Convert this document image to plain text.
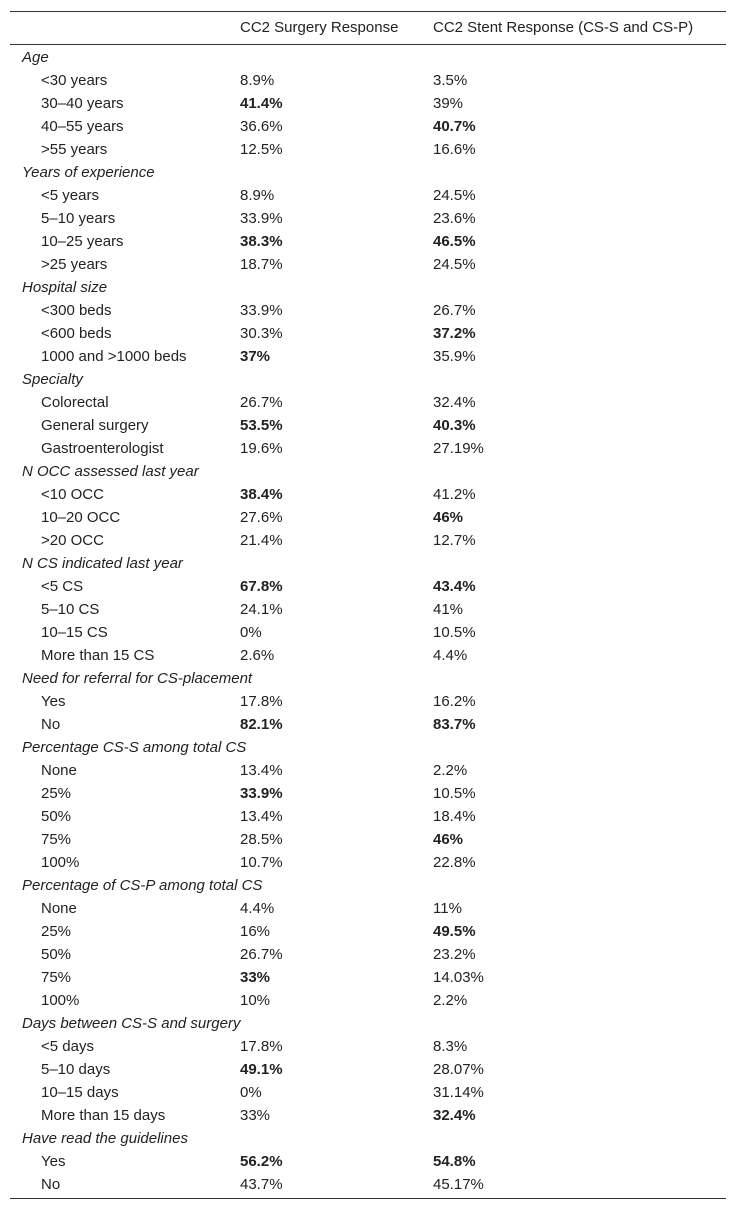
CC2 Surgery Response CC2 Stent Response (CS-S and CS-P)
Age
<30 years	8.9%	3.5%
30–40 years	41.4%	39%
40–55 years	36.6%	40.7%
>55 years	12.5%	16.6%
Years of experience
<5 years	8.9%	24.5%
5–10 years	33.9%	23.6%
10–25 years	38.3%	46.5%
>25 years	18.7%	24.5%
Hospital size
<300 beds	33.9%	26.7%
<600 beds	30.3%	37.2%
1000 and >1000 beds	37%	35.9%
Specialty
Colorectal	26.7%	32.4%
General surgery	53.5%	40.3%
Gastroenterologist	19.6%	27.19%
N OCC assessed last year
<10 OCC	38.4%	41.2%
10–20 OCC	27.6%	46%
>20 OCC	21.4%	12.7%
N CS indicated last year
<5 CS	67.8%	43.4%
5–10 CS	24.1%	41%
10–15 CS	0%	10.5%
More than 15 CS	2.6%	4.4%
Need for referral for CS-placement
Yes	17.8%	16.2%
No	82.1%	83.7%
Percentage CS-S among total CS
None	13.4%	2.2%
25%	33.9%	10.5%
50%	13.4%	18.4%
75%	28.5%	46%
100%	10.7%	22.8%
Percentage of CS-P among total CS
None	4.4%	11%
25%	16%	49.5%
50%	26.7%	23.2%
75%	33%	14.03%
100%	10%	2.2%
Days between CS-S and surgery
<5 days	17.8%	8.3%
5–10 days	49.1%	28.07%
10–15 days	0%	31.14%
More than 15 days	33%	32.4%
Have read the guidelines
Yes	56.2%	54.8%
No	43.7%	45.17%
